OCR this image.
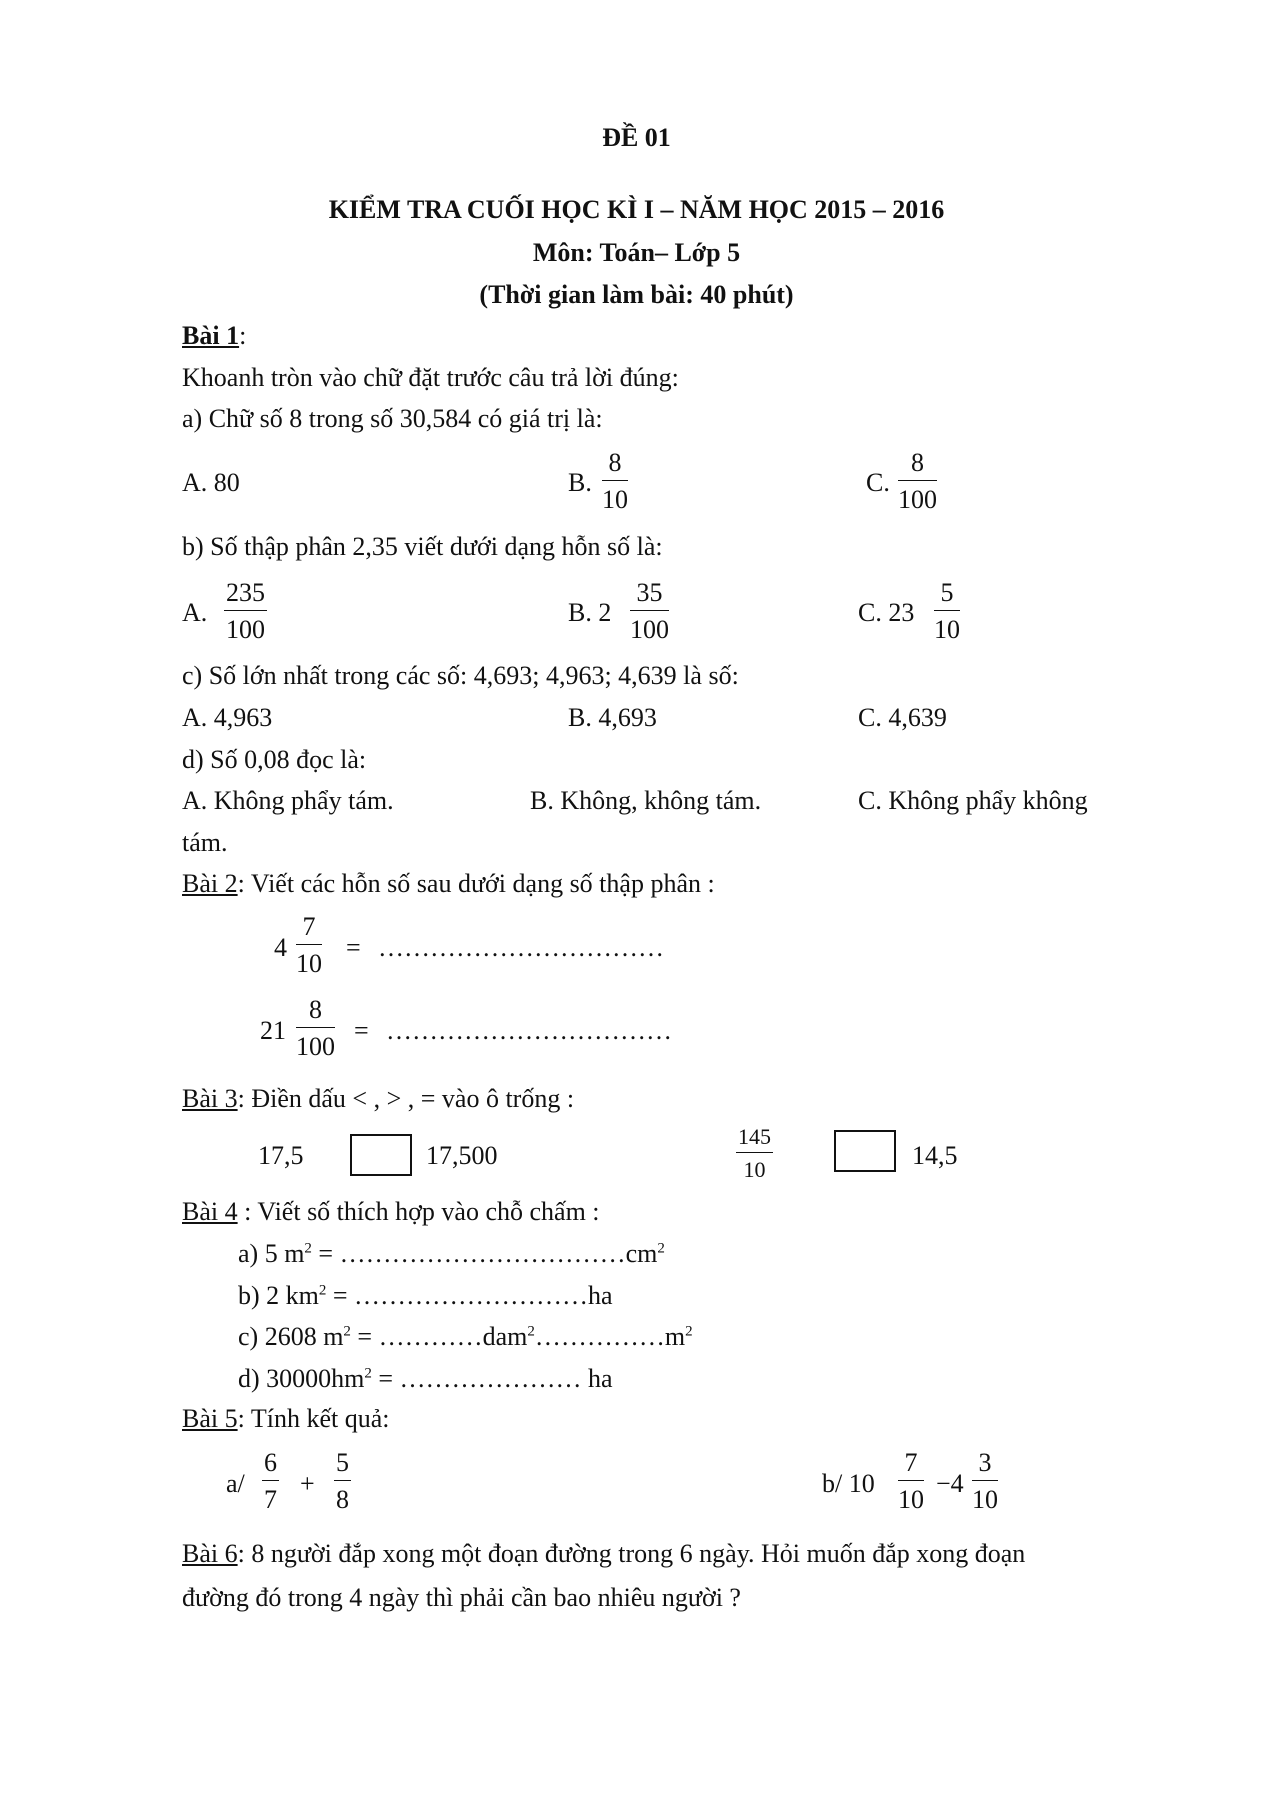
ĐỀ 01
KIỂM TRA CUỐI HỌC KÌ I – NĂM HỌC 2015 – 2016
Môn: Toán– Lớp 5
(Thời gian làm bài: 40 phút)
Bài 1:
Khoanh tròn vào chữ đặt trước câu trả lời đúng:
a) Chữ số 8 trong số 30,584 có giá trị là:
A. 80	B. $\frac{8}{10}$	C. $\frac{8}{100}$
b) Số thập phân 2,35 viết dưới dạng hỗn số là:
A. $\frac{235}{100}$	B. $2 \frac{35}{100}$	C. $23 \frac{5}{10}$
c) Số lớn nhất trong các số: 4,693; 4,963; 4,639 là số:
A. 4,963	B. 4,693	C. 4,639
d) Số 0,08 đọc là:
A. Không phẩy tám.	B. Không, không tám.	C. Không phẩy không
tám.
Bài 2: Viết các hỗn số sau dưới dạng số thập phân :
$4 \frac{7}{10}$ = ……………………………
$21 \frac{8}{100}$ = ……………………………
Bài 3: Điền dấu < , > , = vào ô trống :
17,5	17,500	$\frac{145}{10}$	14,5
Bài 4 : Viết số thích hợp vào chỗ chấm :
a) 5 $m^2$ = $\dots\dots\dots\dots\dots\dots\dots\dots\dots\dots\dots cm^2$
b) 2 $km^2$ = ………………………ha
c) 2608 $m^2$ = $\dots\dots\dots\dots dam^2\dots\dots\dots\dots\dots m^2$
d) $30000hm^2$ = ………………… ha
Bài 5: Tính kết quả:
$a/ \frac{6}{7} + \frac{5}{8}$	b/ $10 \frac{7}{10} -4 \frac{3}{10}$
Bài 6: 8 người đắp xong một đoạn đường trong 6 ngày. Hỏi muốn đắp xong đoạn
đường đó trong 4 ngày thì phải cần bao nhiêu người ?
